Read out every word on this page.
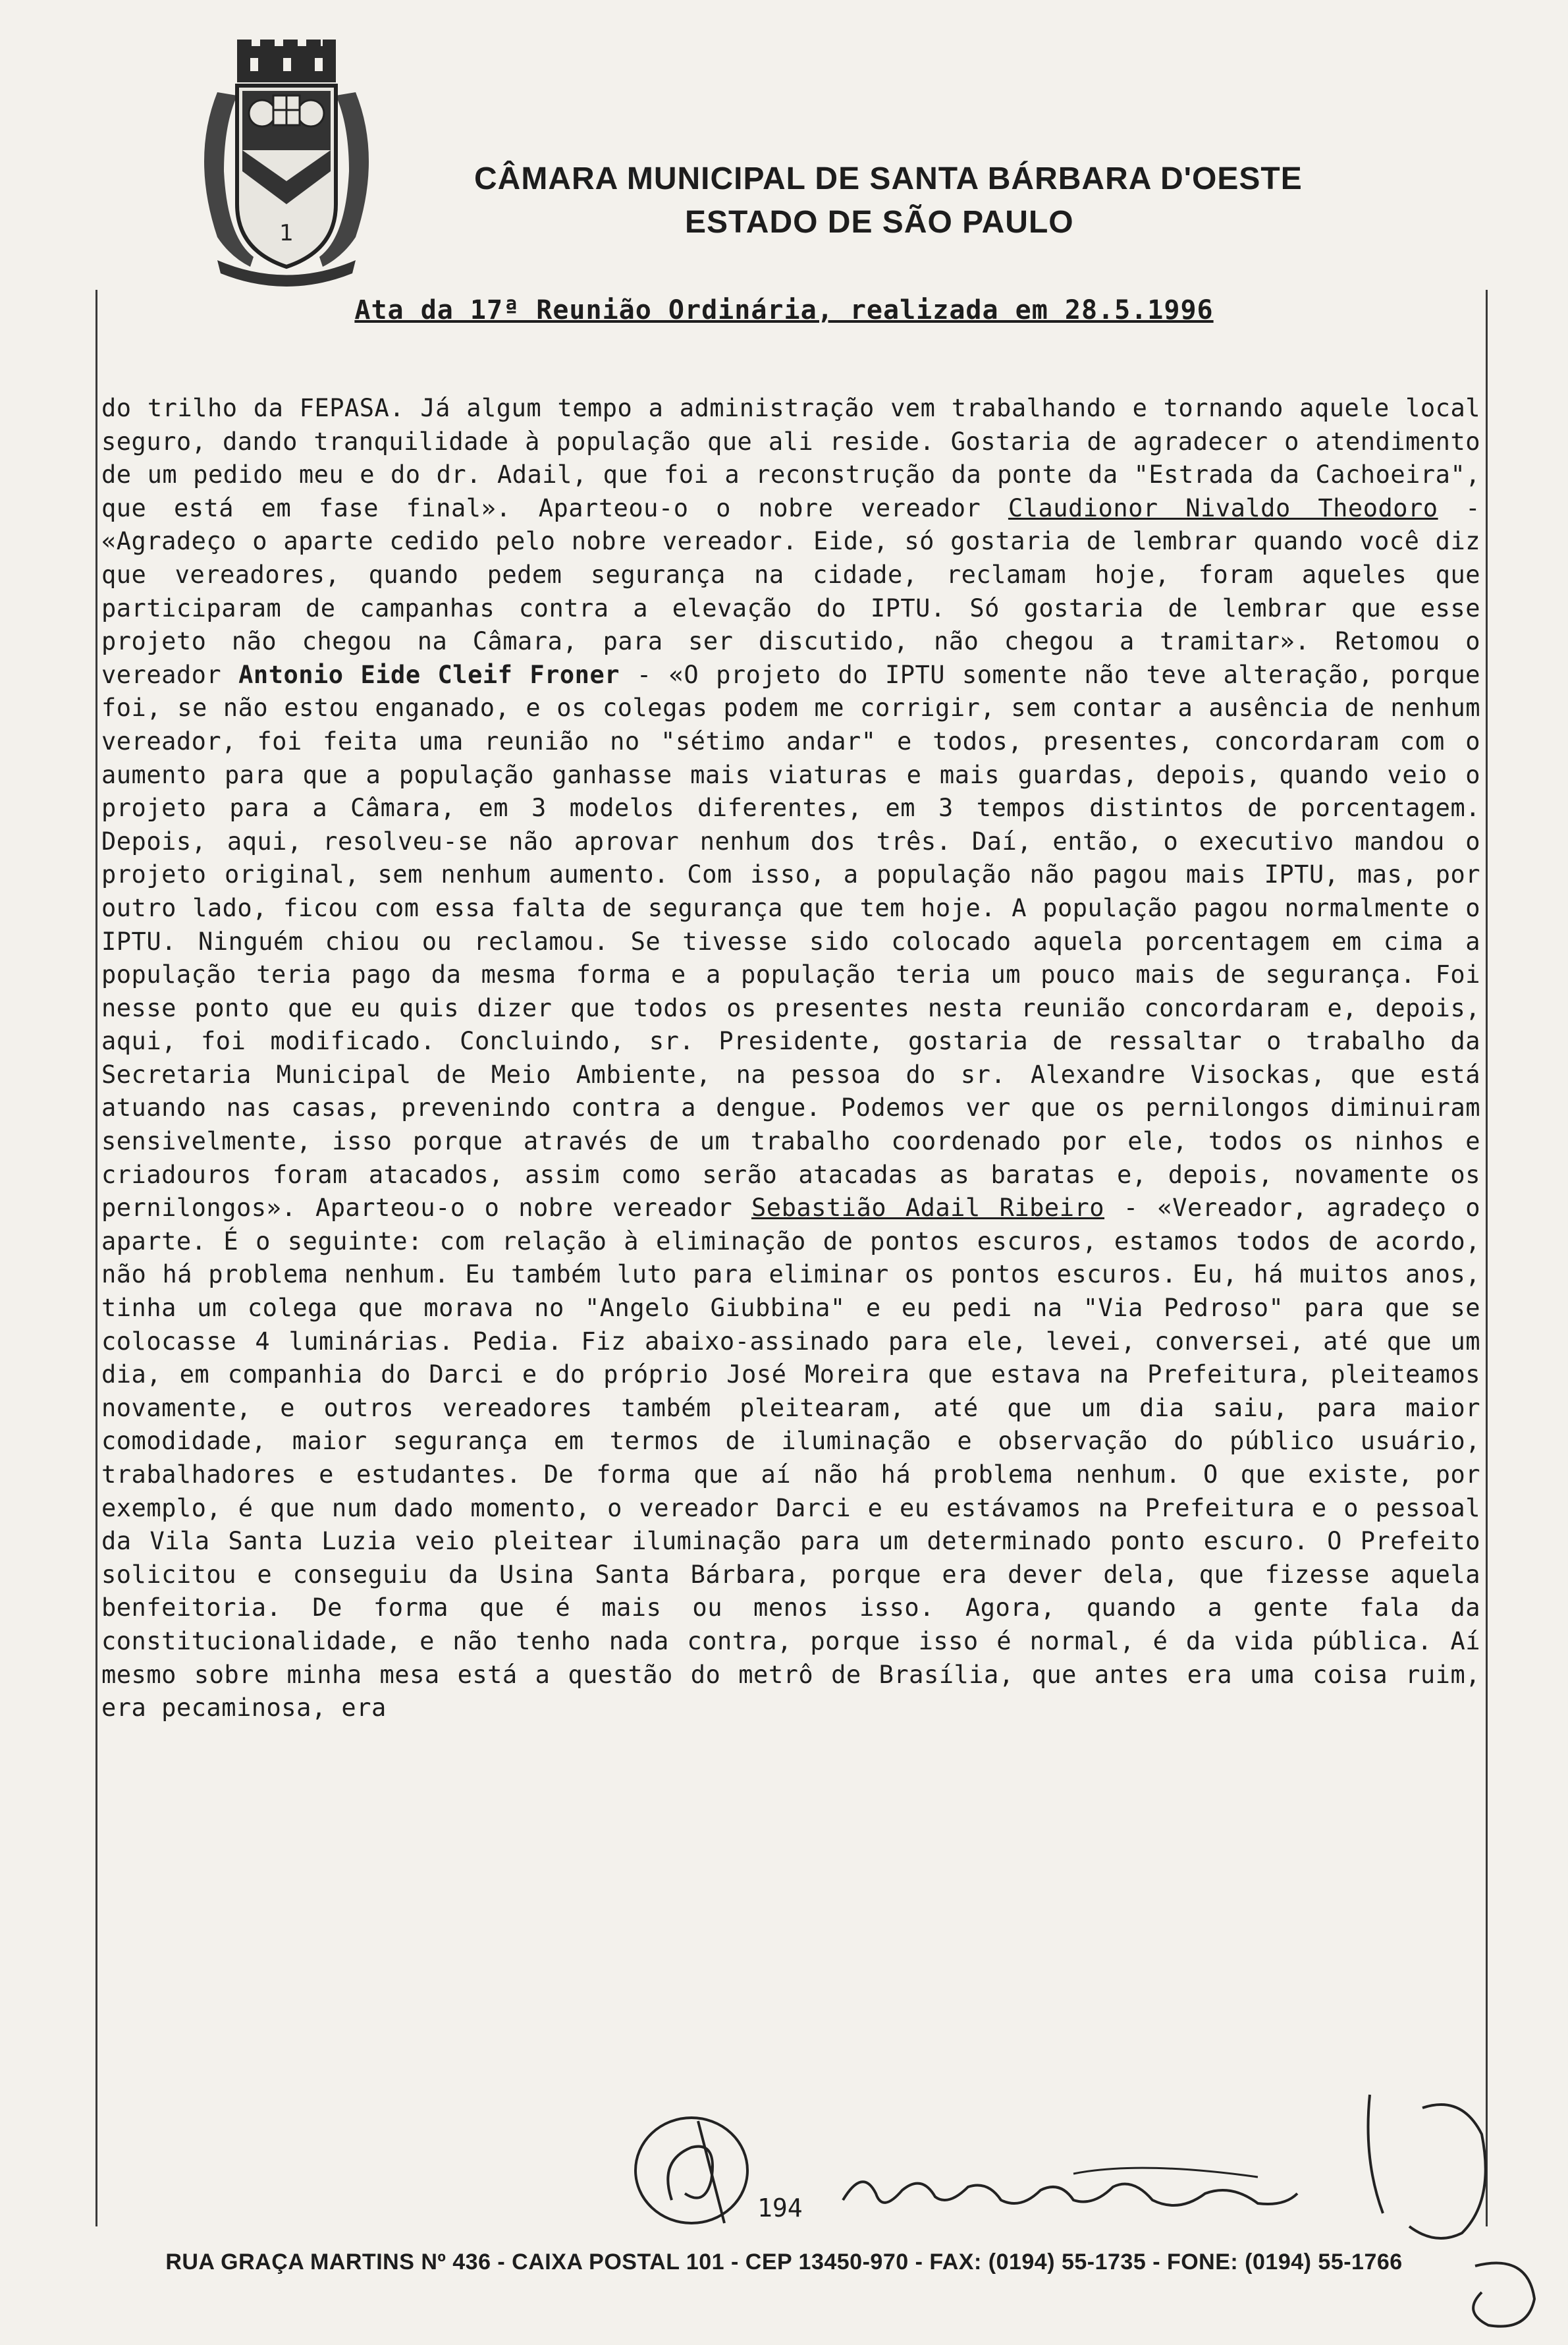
1
CÂMARA MUNICIPAL DE SANTA BÁRBARA D'OESTE
ESTADO DE SÃO PAULO
Ata da 17ª Reunião Ordinária, realizada em 28.5.1996

do trilho da FEPASA. Já algum tempo a administração vem trabalhando e tornando aquele local seguro, dando tranquilidade à população que ali reside. Gostaria de agradecer o atendimento de um pedido meu e do dr. Adail, que foi a reconstrução da ponte da "Estrada da Cachoeira", que está em fase final». Aparteou-o o nobre vereador Claudionor Nivaldo Theodoro - «Agradeço o aparte cedido pelo nobre vereador. Eide, só gostaria de lembrar quando você diz que vereadores, quando pedem segurança na cidade, reclamam hoje, foram aqueles que participaram de campanhas contra a elevação do IPTU. Só gostaria de lembrar que esse projeto não chegou na Câmara, para ser discutido, não chegou a tramitar». Retomou o vereador Antonio Eide Cleif Froner - «O projeto do IPTU somente não teve alteração, porque foi, se não estou enganado, e os colegas podem me corrigir, sem contar a ausência de nenhum vereador, foi feita uma reunião no "sétimo andar" e todos, presentes, concordaram com o aumento para que a população ganhasse mais viaturas e mais guardas, depois, quando veio o projeto para a Câmara, em 3 modelos diferentes, em 3 tempos distintos de porcentagem. Depois, aqui, resolveu-se não aprovar nenhum dos três. Daí, então, o executivo mandou o projeto original, sem nenhum aumento. Com isso, a população não pagou mais IPTU, mas, por outro lado, ficou com essa falta de segurança que tem hoje. A população pagou normalmente o IPTU. Ninguém chiou ou reclamou. Se tivesse sido colocado aquela porcentagem em cima a população teria pago da mesma forma e a população teria um pouco mais de segurança. Foi nesse ponto que eu quis dizer que todos os presentes nesta reunião concordaram e, depois, aqui, foi modificado. Concluindo, sr. Presidente, gostaria de ressaltar o trabalho da Secretaria Municipal de Meio Ambiente, na pessoa do sr. Alexandre Visockas, que está atuando nas casas, prevenindo contra a dengue. Podemos ver que os pernilongos diminuiram sensivelmente, isso porque através de um trabalho coordenado por ele, todos os ninhos e criadouros foram atacados, assim como serão atacadas as baratas e, depois, novamente os pernilongos». Aparteou-o o nobre vereador Sebastião Adail Ribeiro - «Vereador, agradeço o aparte. É o seguinte: com relação à eliminação de pontos escuros, estamos todos de acordo, não há problema nenhum. Eu também luto para eliminar os pontos escuros. Eu, há muitos anos, tinha um colega que morava no "Angelo Giubbina" e eu pedi na "Via Pedroso" para que se colocasse 4 luminárias. Pedia. Fiz abaixo-assinado para ele, levei, conversei, até que um dia, em companhia do Darci e do próprio José Moreira que estava na Prefeitura, pleiteamos novamente, e outros vereadores também pleitearam, até que um dia saiu, para maior comodidade, maior segurança em termos de iluminação e observação do público usuário, trabalhadores e estudantes. De forma que aí não há problema nenhum. O que existe, por exemplo, é que num dado momento, o vereador Darci e eu estávamos na Prefeitura e o pessoal da Vila Santa Luzia veio pleitear iluminação para um determinado ponto escuro. O Prefeito solicitou e conseguiu da Usina Santa Bárbara, porque era dever dela, que fizesse aquela benfeitoria. De forma que é mais ou menos isso. Agora, quando a gente fala da constitucionalidade, e não tenho nada contra, porque isso é normal, é da vida pública. Aí mesmo sobre minha mesa está a questão do metrô de Brasília, que antes era uma coisa ruim, era pecaminosa, era

194
RUA GRAÇA MARTINS Nº 436 - CAIXA POSTAL 101 - CEP 13450-970 - FAX: (0194) 55-1735 - FONE: (0194) 55-1766
